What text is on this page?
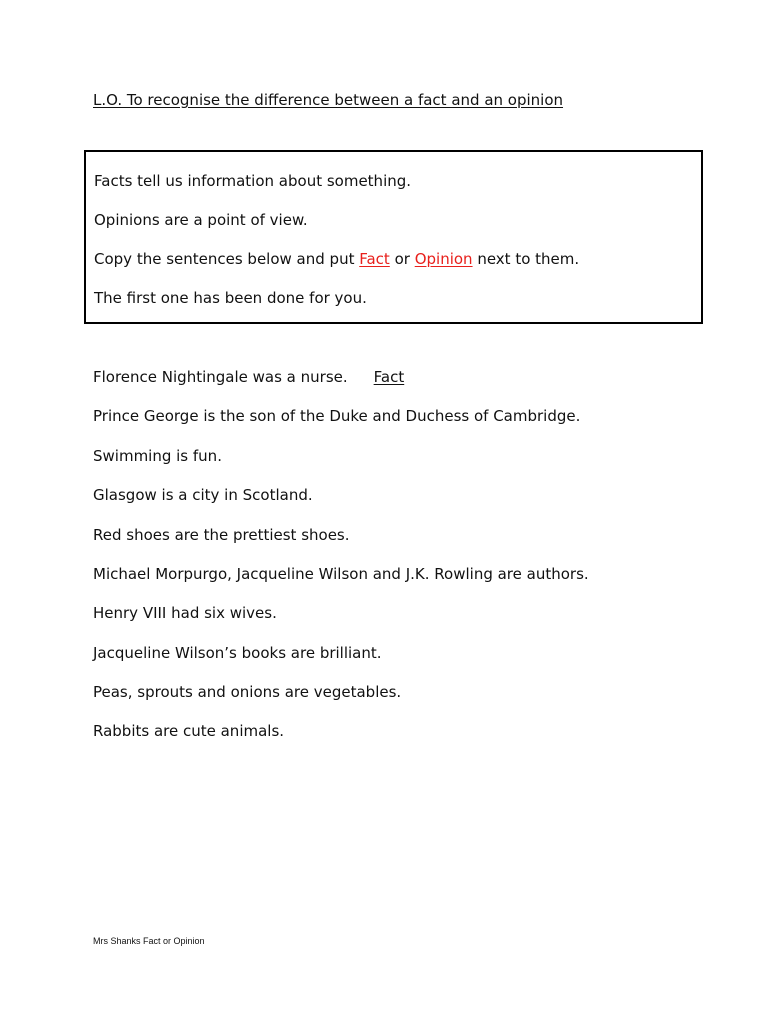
L.O. To recognise the difference between a fact and an opinion
Facts tell us information about something.
Opinions are a point of view.
Copy the sentences below and put Fact or Opinion next to them.
The first one has been done for you.
Florence Nightingale was a nurse. Fact
Prince George is the son of the Duke and Duchess of Cambridge.
Swimming is fun.
Glasgow is a city in Scotland.
Red shoes are the prettiest shoes.
Michael Morpurgo, Jacqueline Wilson and J.K. Rowling are authors.
Henry VIII had six wives.
Jacqueline Wilson’s books are brilliant.
Peas, sprouts and onions are vegetables.
Rabbits are cute animals.
Mrs Shanks Fact or Opinion
